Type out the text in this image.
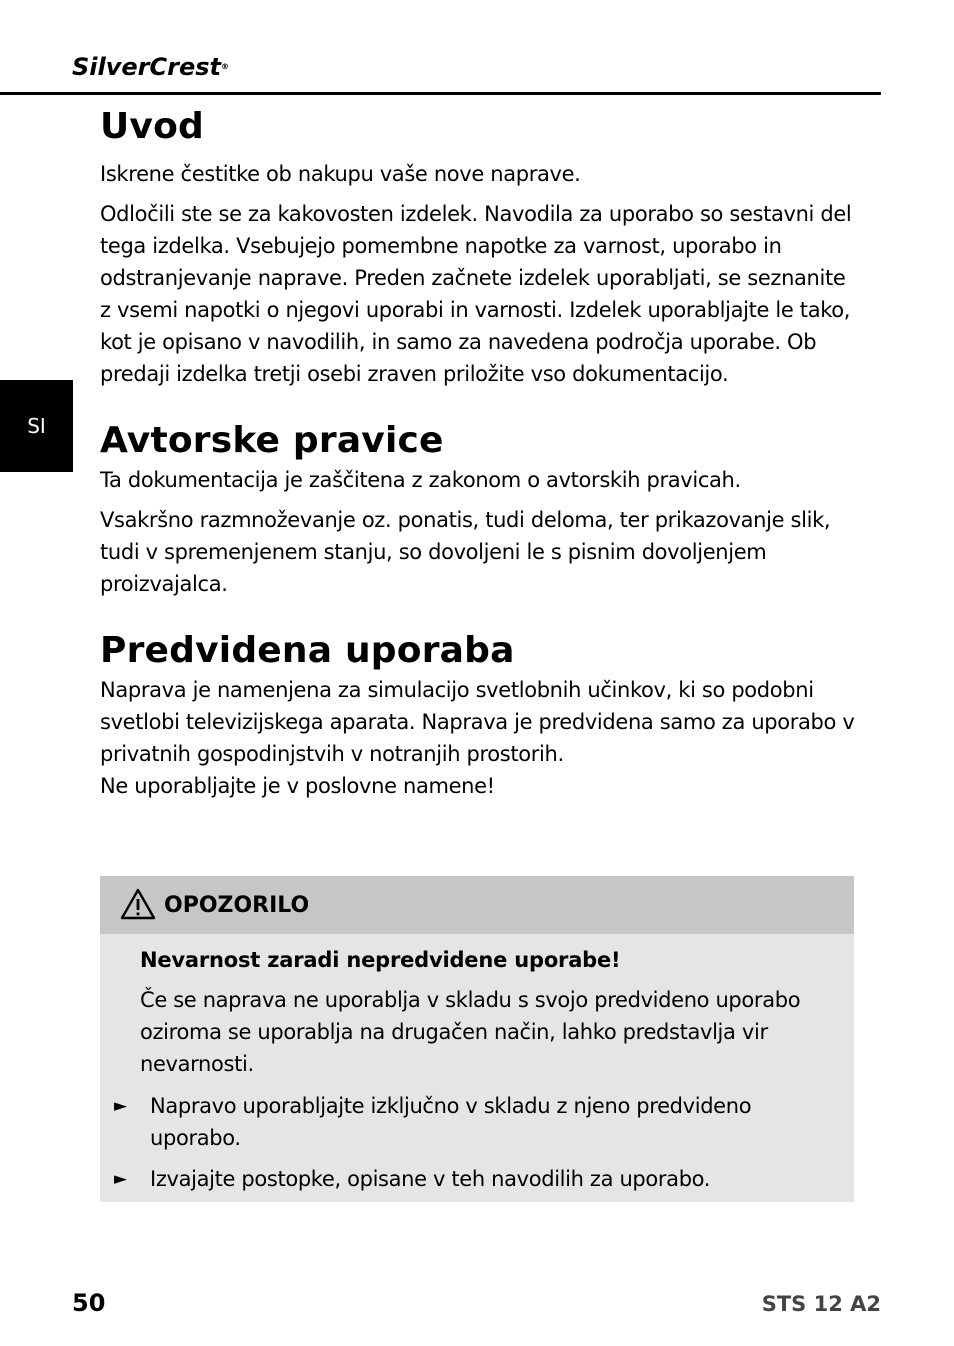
SilverCrest®
SI
Uvod

Iskrene čestitke ob nakupu vaše nove naprave.

Odločili ste se za kakovosten izdelek. Navodila za uporabo so sestavni del tega izdelka. Vsebujejo pomembne napotke za varnost, uporabo in odstranjevanje naprave. Preden začnete izdelek uporabljati, se seznanite z vsemi napotki o njegovi uporabi in varnosti. Izdelek uporabljajte le tako, kot je opisano v navodilih, in samo za navedena področja uporabe. Ob predaji izdelka tretji osebi zraven priložite vso dokumentacijo.

Avtorske pravice

Ta dokumentacija je zaščitena z zakonom o avtorskih pravicah.

Vsakršno razmnoževanje oz. ponatis, tudi deloma, ter prikazovanje slik, tudi v spremenjenem stanju, so dovoljeni le s pisnim dovoljenjem proizvajalca.

Predvidena uporaba

Naprava je namenjena za simulacijo svetlobnih učinkov, ki so podobni svetlobi televizijskega aparata. Naprava je predvidena samo za uporabo v privatnih gospodinjstvih v notranjih prostorih.

Ne uporabljajte je v poslovne namene!

OPOZORILO
Nevarnost zaradi nepredvidene uporabe!

Če se naprava ne uporablja v skladu s svojo predvideno uporabo oziroma se uporablja na drugačen način, lahko predstavlja vir nevarnosti.

► Napravo uporabljajte izključno v skladu z njeno predvideno uporabo.
► Izvajajte postopke, opisane v teh navodilih za uporabo.
50	STS 12 A2
